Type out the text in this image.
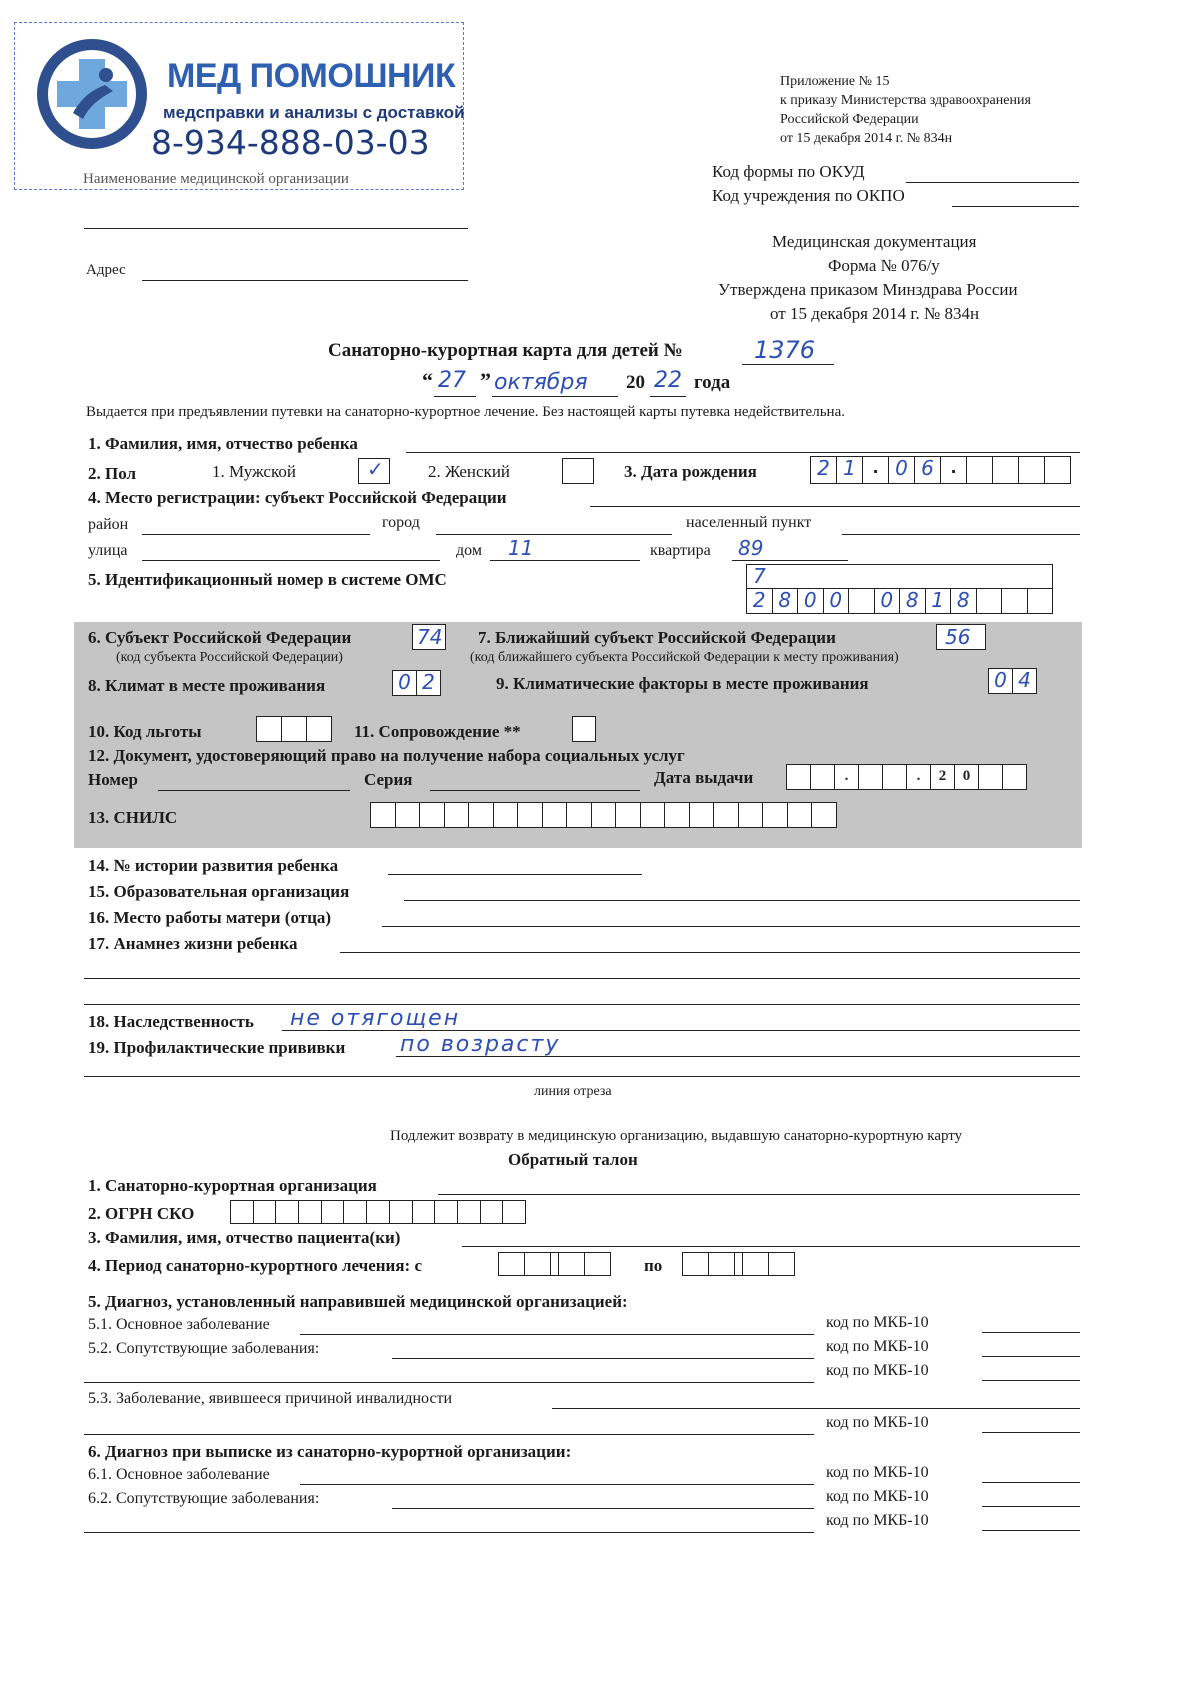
МЕД ПОМОШНИК
медсправки и анализы с доставкой
8-934-888-03-03
Наименование медицинской организации
Приложение № 15
к приказу Министерства здравоохранения
Российской Федерации
от 15 декабря 2014 г. № 834н
Код формы по ОКУД
Код учреждения по ОКПО
Адрес
Медицинская документация
Форма № 076/у
Утверждена приказом Минздрава России
от 15 декабря 2014 г. № 834н
Санаторно-курортная карта для детей №	1376
“ 27 ” октября 20 22 года
Выдается при предъявлении путевки на санаторно-курортное лечение. Без настоящей карты путевка недействительна.
1. Фамилия, имя, отчество ребенка
2. Пол	1. Мужской	✓	2. Женский	3. Дата рождения	2 1	. 0 6	.
4. Место регистрации: субъект Российской Федерации
район	город	населенный пункт
улица	дом 11	квартира 89
5. Идентификационный номер в системе ОМС	7
2 8 0 0	0 8 1 8
6. Субъект Российской Федерации	74
(код субъекта Российской Федерации)
7. Ближайший субъект Российской Федерации	56
(код ближайшего субъекта Российской Федерации к месту проживания)
8. Климат в месте проживания	0 2	9. Климатические факторы в месте проживания	0 4
10. Код льготы	11. Сопровождение **
12. Документ, удостоверяющий право на получение набора социальных услуг
Номер	Серия	Дата выдачи	.	.	2	0
13. СНИЛС
14. № истории развития ребенка
15. Образовательная организация
16. Место работы матери (отца)
17. Анамнез жизни ребенка
18. Наследственность не отягощен
19. Профилактические прививки по возрасту
линия отреза
Подлежит возврату в медицинскую организацию, выдавшую санаторно-курортную карту
Обратный талон
1. Санаторно-курортная организация
2. ОГРН СКО
3. Фамилия, имя, отчество пациента(ки)
4. Период санаторно-курортного лечения: с	по
5. Диагноз, установленный направившей медицинской организацией:
5.1. Основное заболевание	код по МКБ-10
5.2. Сопутствующие заболевания:	код по МКБ-10
код по МКБ-10
5.3. Заболевание, явившееся причиной инвалидности
код по МКБ-10
6. Диагноз при выписке из санаторно-курортной организации:
6.1. Основное заболевание	код по МКБ-10
6.2. Сопутствующие заболевания:	код по МКБ-10
код по МКБ-10
